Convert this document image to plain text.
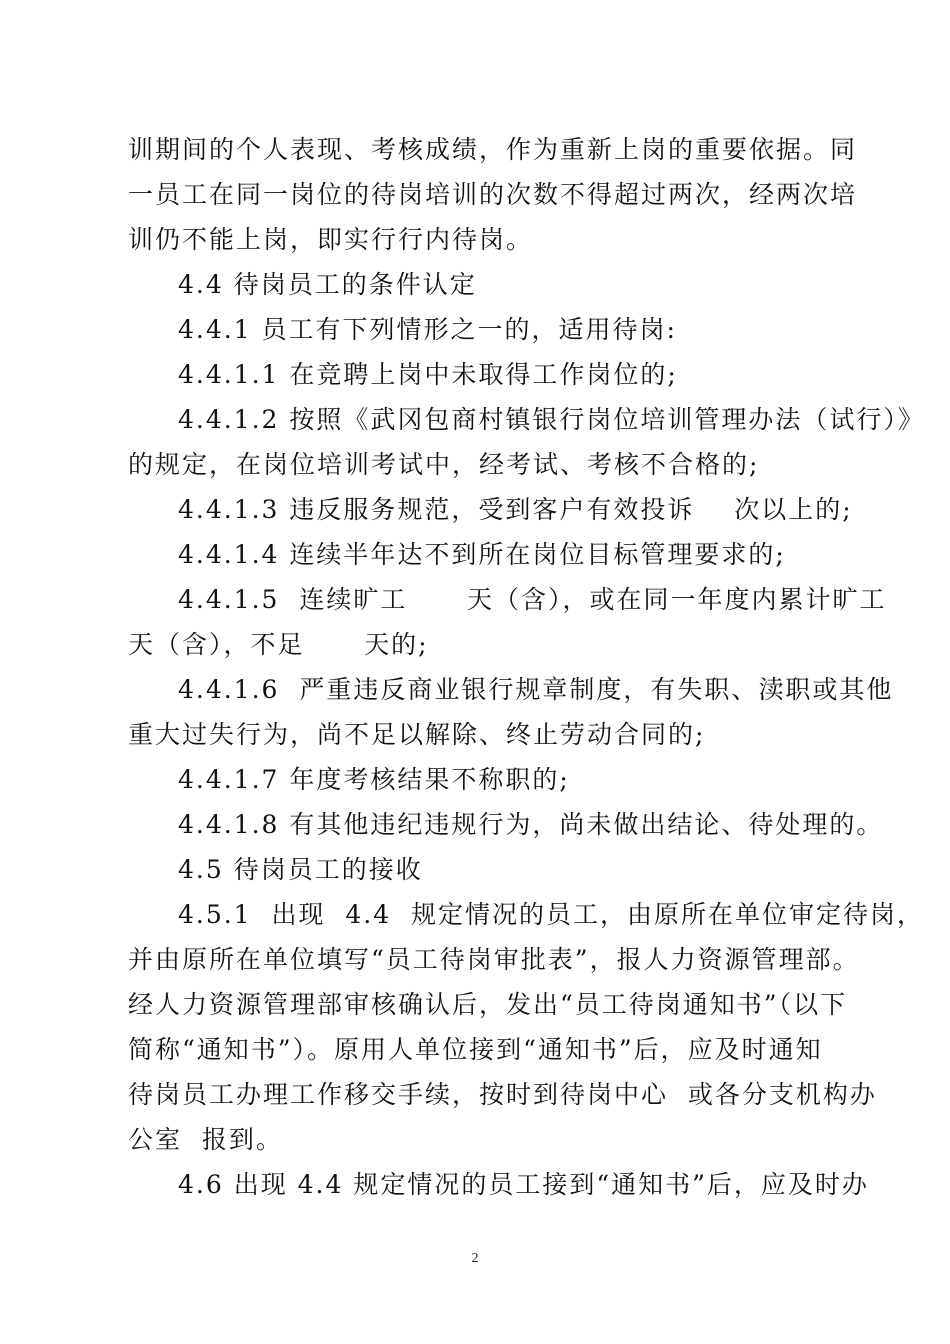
训期间的个人表现、考核成绩，作为重新上岗的重要依据。同
一员工在同一岗位的待岗培训的次数不得超过两次，经两次培
训仍不能上岗，即实行行内待岗。
4.4 待岗员工的条件认定
4.4.1 员工有下列情形之一的，适用待岗:
4.4.1.1 在竞聘上岗中未取得工作岗位的;
4.4.1.2 按照《武冈包商村镇银行岗位培训管理办法（试行）》
的规定，在岗位培训考试中，经考试、考核不合格的;
4.4.1.3 违反服务规范，受到客户有效投诉    次以上的;
4.4.1.4 连续半年达不到所在岗位目标管理要求的;
4.4.1.5  连续旷工      天（含），或在同一年度内累计旷工
天（含），不足      天的;
4.4.1.6  严重违反商业银行规章制度，有失职、渎职或其他
重大过失行为，尚不足以解除、终止劳动合同的;
4.4.1.7 年度考核结果不称职的;
4.4.1.8 有其他违纪违规行为，尚未做出结论、待处理的。
4.5 待岗员工的接收
4.5.1  出现  4.4  规定情况的员工，由原所在单位审定待岗，
并由原所在单位填写“员工待岗审批表”，报人力资源管理部。
经人力资源管理部审核确认后，发出“员工待岗通知书”（以下
简称“通知书”）。原用人单位接到“通知书”后，应及时通知
待岗员工办理工作移交手续，按时到待岗中心  或各分支机构办
公室  报到。
4.6 出现 4.4 规定情况的员工接到“通知书”后，应及时办
2
